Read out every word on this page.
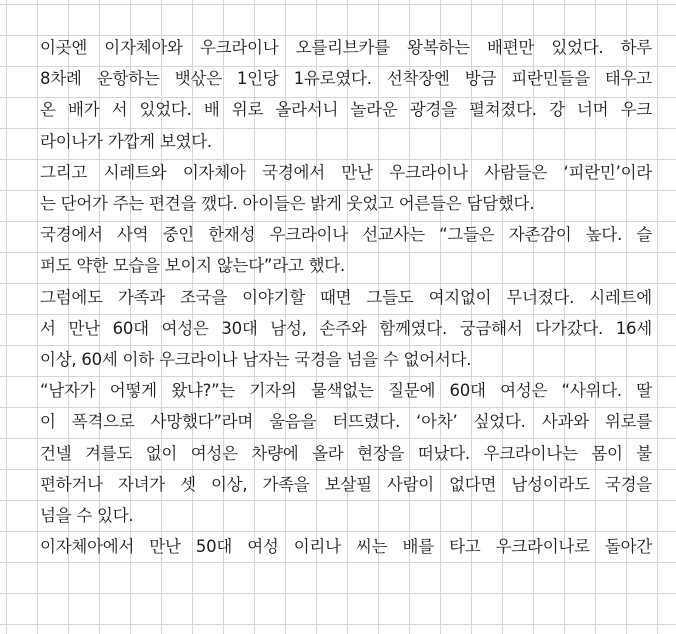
이곳엔 이자체아와 우크라이나 오를리브카를 왕복하는 배편만 있었다. 하루
8차례 운항하는 뱃삯은 1인당 1유로였다. 선착장엔 방금 피란민들을 태우고
온 배가 서 있었다. 배 위로 올라서니 놀라운 광경을 펼쳐졌다. 강 너머 우크
라이나가 가깝게 보였다.

그리고 시레트와 이자체아 국경에서 만난 우크라이나 사람들은 ‘피란민’이라
는 단어가 주는 편견을 깼다. 아이들은 밝게 웃었고 어른들은 담담했다.

국경에서 사역 중인 한재성 우크라이나 선교사는 “그들은 자존감이 높다. 슬
퍼도 약한 모습을 보이지 않는다”라고 했다.

그럼에도 가족과 조국을 이야기할 때면 그들도 여지없이 무너졌다. 시레트에
서 만난 60대 여성은 30대 남성, 손주와 함께였다. 궁금해서 다가갔다. 16세
이상, 60세 이하 우크라이나 남자는 국경을 넘을 수 없어서다.

“남자가 어떻게 왔냐?”는 기자의 물색없는 질문에 60대 여성은 “사위다. 딸
이 폭격으로 사망했다”라며 울음을 터뜨렸다. ‘아차’ 싶었다. 사과와 위로를
건넬 겨를도 없이 여성은 차량에 올라 현장을 떠났다. 우크라이나는 몸이 불
편하거나 자녀가 셋 이상, 가족을 보살필 사람이 없다면 남성이라도 국경을
넘을 수 있다.

이자체아에서 만난 50대 여성 이리나 씨는 배를 타고 우크라이나로 돌아간
